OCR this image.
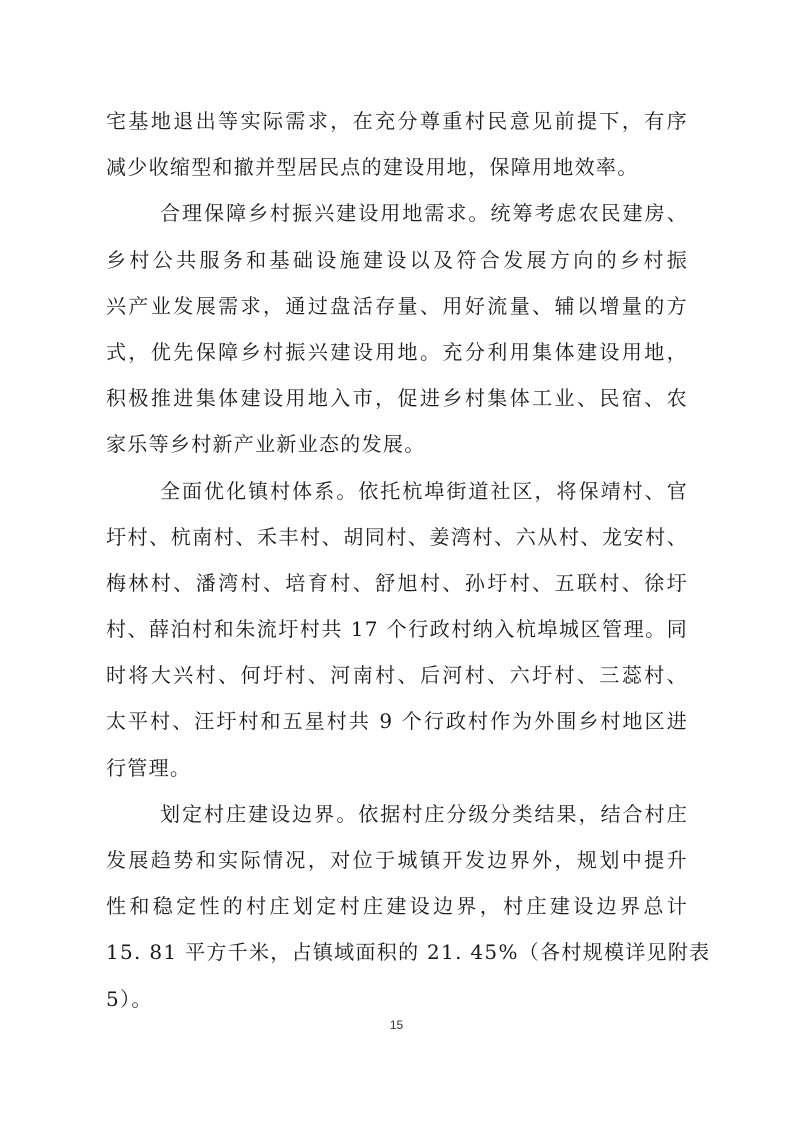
宅基地退出等实际需求，在充分尊重村民意见前提下，有序
减少收缩型和撤并型居民点的建设用地，保障用地效率。
合理保障乡村振兴建设用地需求。统筹考虑农民建房、
乡村公共服务和基础设施建设以及符合发展方向的乡村振
兴产业发展需求，通过盘活存量、用好流量、辅以增量的方
式，优先保障乡村振兴建设用地。充分利用集体建设用地，
积极推进集体建设用地入市，促进乡村集体工业、民宿、农
家乐等乡村新产业新业态的发展。
全面优化镇村体系。依托杭埠街道社区，将保靖村、官
圩村、杭南村、禾丰村、胡同村、姜湾村、六从村、龙安村、
梅林村、潘湾村、培育村、舒旭村、孙圩村、五联村、徐圩
村、薛泊村和朱流圩村共 17 个行政村纳入杭埠城区管理。同
时将大兴村、何圩村、河南村、后河村、六圩村、三蕊村、
太平村、汪圩村和五星村共 9 个行政村作为外围乡村地区进
行管理。
划定村庄建设边界。依据村庄分级分类结果，结合村庄
发展趋势和实际情况，对位于城镇开发边界外，规划中提升
性和稳定性的村庄划定村庄建设边界，村庄建设边界总计
15. 81 平方千米，占镇域面积的 21. 45%（各村规模详见附表
5）。
15
